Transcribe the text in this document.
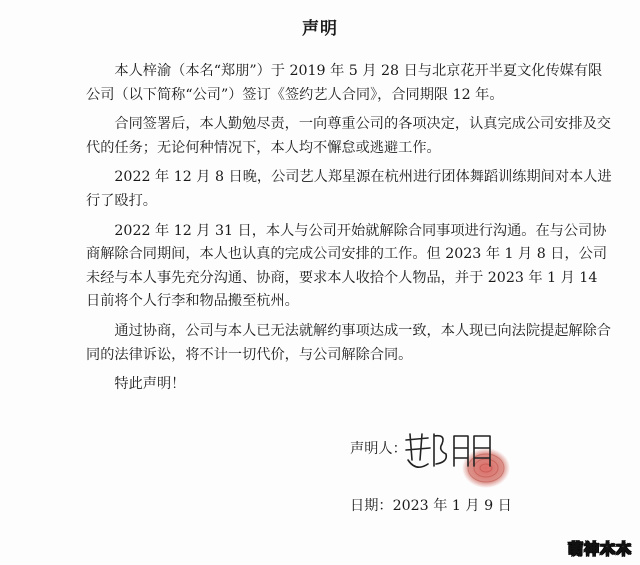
声明

本人梓渝（本名“郑朋”）于 2019 年 5 月 28 日与北京花开半夏文化传媒有限公司（以下简称“公司”）签订《签约艺人合同》，合同期限 12 年。

合同签署后，本人勤勉尽责，一向尊重公司的各项决定，认真完成公司安排及交代的任务；无论何种情况下，本人均不懈怠或逃避工作。

2022 年 12 月 8 日晚，公司艺人郑星源在杭州进行团体舞蹈训练期间对本人进行了殴打。

2022 年 12 月 31 日，本人与公司开始就解除合同事项进行沟通。在与公司协商解除合同期间，本人也认真的完成公司安排的工作。但 2023 年 1 月 8 日，公司未经与本人事先充分沟通、协商，要求本人收拾个人物品，并于 2023 年 1 月 14 日前将个人行李和物品搬至杭州。

通过协商，公司与本人已无法就解约事项达成一致，本人现已向法院提起解除合同的法律诉讼，将不计一切代价，与公司解除合同。

特此声明！

声明人：
日期：2023 年 1 月 9 日
萌神木木
